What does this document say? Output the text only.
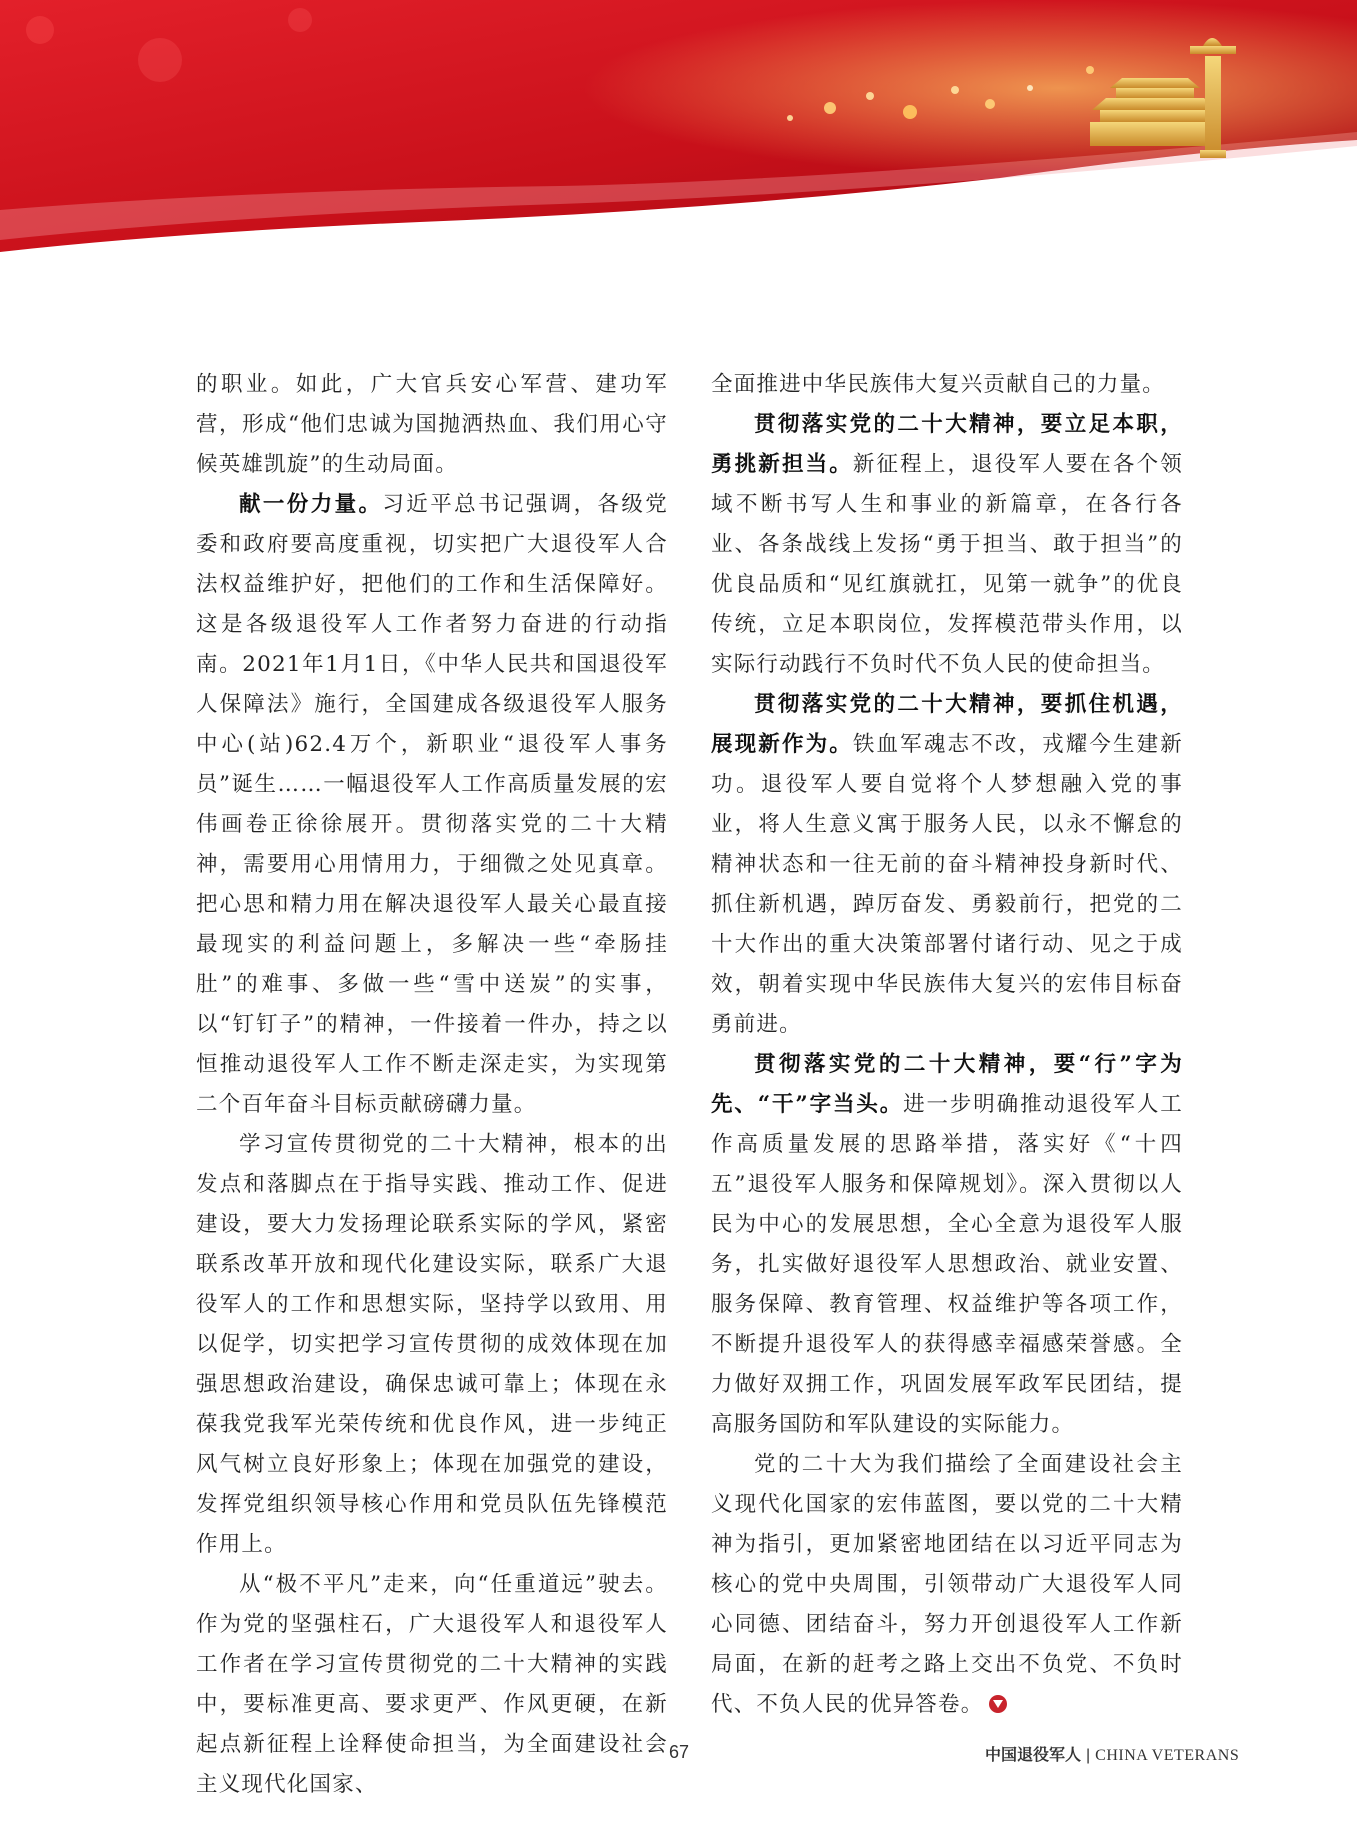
的职业。如此，广大官兵安心军营、建功军营，形成“他们忠诚为国抛洒热血、我们用心守候英雄凯旋”的生动局面。

献一份力量。习近平总书记强调，各级党委和政府要高度重视，切实把广大退役军人合法权益维护好，把他们的工作和生活保障好。这是各级退役军人工作者努力奋进的行动指南。2021年1月1日，《中华人民共和国退役军人保障法》施行，全国建成各级退役军人服务中心(站)62.4万个，新职业“退役军人事务员”诞生……一幅退役军人工作高质量发展的宏伟画卷正徐徐展开。贯彻落实党的二十大精神，需要用心用情用力，于细微之处见真章。把心思和精力用在解决退役军人最关心最直接最现实的利益问题上，多解决一些“牵肠挂肚”的难事、多做一些“雪中送炭”的实事，以“钉钉子”的精神，一件接着一件办，持之以恒推动退役军人工作不断走深走实，为实现第二个百年奋斗目标贡献磅礴力量。

学习宣传贯彻党的二十大精神，根本的出发点和落脚点在于指导实践、推动工作、促进建设，要大力发扬理论联系实际的学风，紧密联系改革开放和现代化建设实际，联系广大退役军人的工作和思想实际，坚持学以致用、用以促学，切实把学习宣传贯彻的成效体现在加强思想政治建设，确保忠诚可靠上；体现在永葆我党我军光荣传统和优良作风，进一步纯正风气树立良好形象上；体现在加强党的建设，发挥党组织领导核心作用和党员队伍先锋模范作用上。

从“极不平凡”走来，向“任重道远”驶去。作为党的坚强柱石，广大退役军人和退役军人工作者在学习宣传贯彻党的二十大精神的实践中，要标准更高、要求更严、作风更硬，在新起点新征程上诠释使命担当，为全面建设社会主义现代化国家、

全面推进中华民族伟大复兴贡献自己的力量。

贯彻落实党的二十大精神，要立足本职，勇挑新担当。新征程上，退役军人要在各个领域不断书写人生和事业的新篇章，在各行各业、各条战线上发扬“勇于担当、敢于担当”的优良品质和“见红旗就扛，见第一就争”的优良传统，立足本职岗位，发挥模范带头作用，以实际行动践行不负时代不负人民的使命担当。

贯彻落实党的二十大精神，要抓住机遇，展现新作为。铁血军魂志不改，戎耀今生建新功。退役军人要自觉将个人梦想融入党的事业，将人生意义寓于服务人民，以永不懈怠的精神状态和一往无前的奋斗精神投身新时代、抓住新机遇，踔厉奋发、勇毅前行，把党的二十大作出的重大决策部署付诸行动、见之于成效，朝着实现中华民族伟大复兴的宏伟目标奋勇前进。

贯彻落实党的二十大精神，要“行”字为先、“干”字当头。进一步明确推动退役军人工作高质量发展的思路举措，落实好《“十四五”退役军人服务和保障规划》。深入贯彻以人民为中心的发展思想，全心全意为退役军人服务，扎实做好退役军人思想政治、就业安置、服务保障、教育管理、权益维护等各项工作，不断提升退役军人的获得感幸福感荣誉感。全力做好双拥工作，巩固发展军政军民团结，提高服务国防和军队建设的实际能力。

党的二十大为我们描绘了全面建设社会主义现代化国家的宏伟蓝图，要以党的二十大精神为指引，更加紧密地团结在以习近平同志为核心的党中央周围，引领带动广大退役军人同心同德、团结奋斗，努力开创退役军人工作新局面，在新的赶考之路上交出不负党、不负时代、不负人民的优异答卷。

67	中国退役军人 | CHINA VETERANS
